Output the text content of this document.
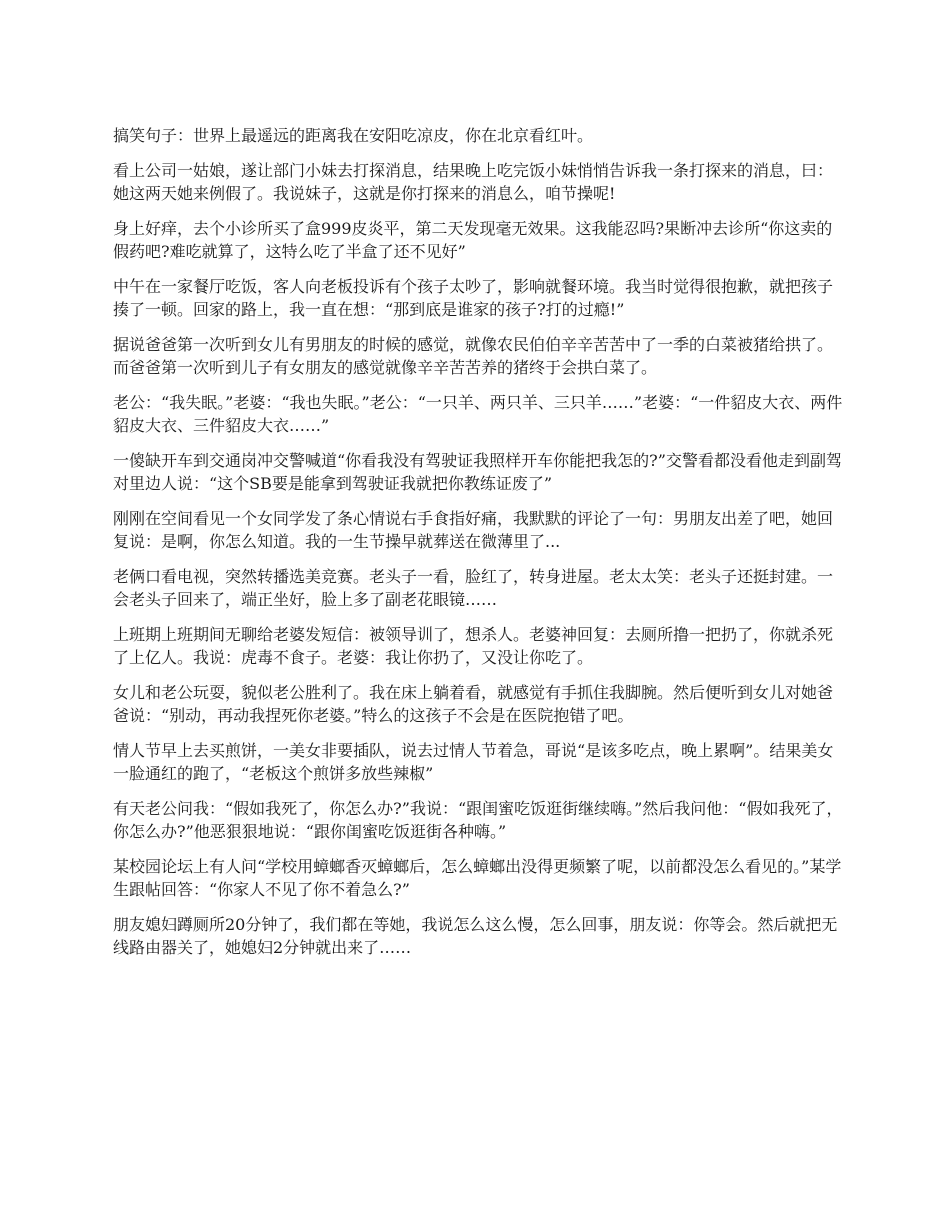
搞笑句子：世界上最遥远的距离我在安阳吃凉皮，你在北京看红叶。

看上公司一姑娘，遂让部门小妹去打探消息，结果晚上吃完饭小妹悄悄告诉我一条打探来的消息，曰：她这两天她来例假了。我说妹子，这就是你打探来的消息么，咱节操呢!

身上好痒，去个小诊所买了盒999皮炎平，第二天发现毫无效果。这我能忍吗?果断冲去诊所“你这卖的假药吧?难吃就算了，这特么吃了半盒了还不见好”

中午在一家餐厅吃饭，客人向老板投诉有个孩子太吵了，影响就餐环境。我当时觉得很抱歉，就把孩子揍了一顿。回家的路上，我一直在想：“那到底是谁家的孩子?打的过瘾!”

据说爸爸第一次听到女儿有男朋友的时候的感觉，就像农民伯伯辛辛苦苦中了一季的白菜被猪给拱了。而爸爸第一次听到儿子有女朋友的感觉就像辛辛苦苦养的猪终于会拱白菜了。

老公：“我失眠。”老婆：“我也失眠。”老公：“一只羊、两只羊、三只羊……”老婆：“一件貂皮大衣、两件貂皮大衣、三件貂皮大衣……”

一傻缺开车到交通岗冲交警喊道“你看我没有驾驶证我照样开车你能把我怎的?”交警看都没看他走到副驾对里边人说：“这个SB要是能拿到驾驶证我就把你教练证废了”

刚刚在空间看见一个女同学发了条心情说右手食指好痛，我默默的评论了一句：男朋友出差了吧，她回复说：是啊，你怎么知道。我的一生节操早就葬送在微薄里了...

老俩口看电视，突然转播选美竞赛。老头子一看，脸红了，转身进屋。老太太笑：老头子还挺封建。一会老头子回来了，端正坐好，脸上多了副老花眼镜……

上班期上班期间无聊给老婆发短信：被领导训了，想杀人。老婆神回复：去厕所撸一把扔了，你就杀死了上亿人。我说：虎毒不食子。老婆：我让你扔了，又没让你吃了。

女儿和老公玩耍，貌似老公胜利了。我在床上躺着看，就感觉有手抓住我脚腕。然后便听到女儿对她爸爸说：“别动，再动我捏死你老婆。”特么的这孩子不会是在医院抱错了吧。

情人节早上去买煎饼，一美女非要插队，说去过情人节着急，哥说“是该多吃点，晚上累啊”。结果美女一脸通红的跑了，“老板这个煎饼多放些辣椒”

有天老公问我：“假如我死了，你怎么办?”我说：“跟闺蜜吃饭逛街继续嗨。”然后我问他：“假如我死了，你怎么办?”他恶狠狠地说：“跟你闺蜜吃饭逛街各种嗨。”

某校园论坛上有人问“学校用蟑螂香灭蟑螂后，怎么蟑螂出没得更频繁了呢，以前都没怎么看见的。”某学生跟帖回答：“你家人不见了你不着急么?”

朋友媳妇蹲厕所20分钟了，我们都在等她，我说怎么这么慢，怎么回事，朋友说：你等会。然后就把无线路由器关了，她媳妇2分钟就出来了……
